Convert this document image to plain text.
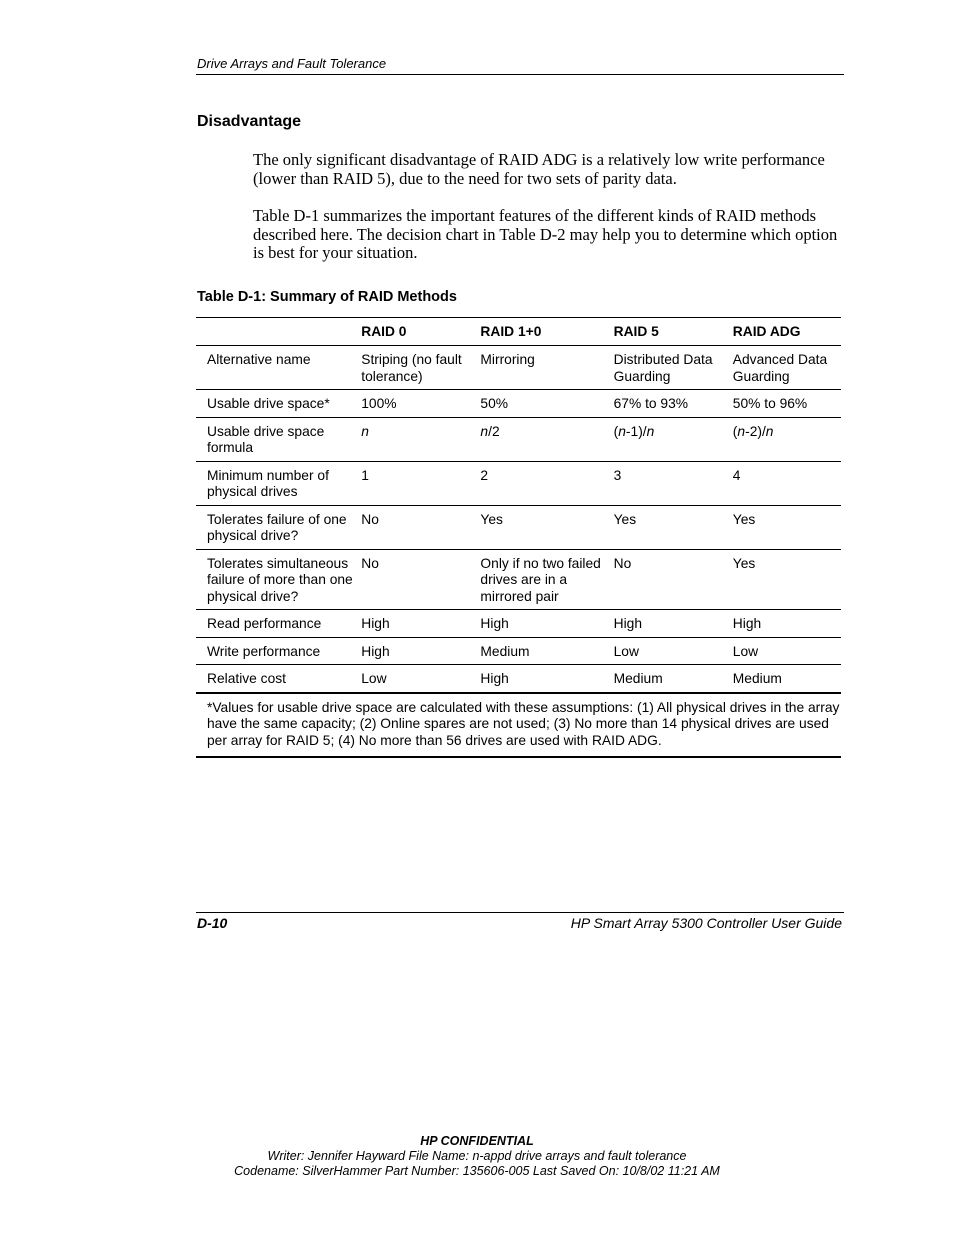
Drive Arrays and Fault Tolerance
Disadvantage
The only significant disadvantage of RAID ADG is a relatively low write performance (lower than RAID 5), due to the need for two sets of parity data.
Table D-1 summarizes the important features of the different kinds of RAID methods described here. The decision chart in Table D-2 may help you to determine which option is best for your situation.
Table D-1: Summary of RAID Methods
	RAID 0	RAID 1+0	RAID 5	RAID ADG
Alternative name	Striping (no fault tolerance)	Mirroring	Distributed Data Guarding	Advanced Data Guarding
Usable drive space*	100%	50%	67% to 93%	50% to 96%
Usable drive space formula	n	n/2	(n-1)/n	(n-2)/n
Minimum number of physical drives	1	2	3	4
Tolerates failure of one physical drive?	No	Yes	Yes	Yes
Tolerates simultaneous failure of more than one physical drive?	No	Only if no two failed drives are in a mirrored pair	No	Yes
Read performance	High	High	High	High
Write performance	High	Medium	Low	Low
Relative cost	Low	High	Medium	Medium
*Values for usable drive space are calculated with these assumptions: (1) All physical drives in the array have the same capacity; (2) Online spares are not used; (3) No more than 14 physical drives are used per array for RAID 5; (4) No more than 56 drives are used with RAID ADG.				
D-10	HP Smart Array 5300 Controller User Guide
HP CONFIDENTIAL
Writer: Jennifer Hayward File Name: n-appd drive arrays and fault tolerance
Codename: SilverHammer Part Number: 135606-005 Last Saved On: 10/8/02 11:21 AM
